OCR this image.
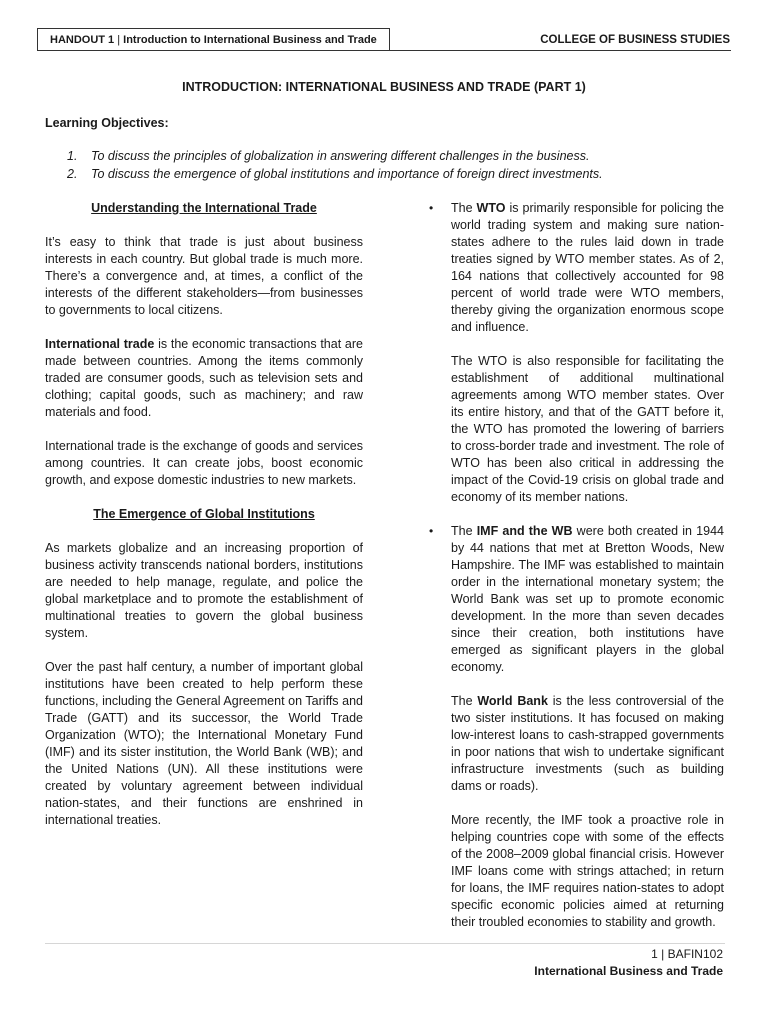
HANDOUT 1 | Introduction to International Business and Trade	COLLEGE OF BUSINESS STUDIES
INTRODUCTION: INTERNATIONAL BUSINESS AND TRADE (PART 1)
Learning Objectives:
1. To discuss the principles of globalization in answering different challenges in the business.
2. To discuss the emergence of global institutions and importance of foreign direct investments.
Understanding the International Trade

It’s easy to think that trade is just about business interests in each country. But global trade is much more. There’s a convergence and, at times, a conflict of the interests of the different stakeholders—from businesses to governments to local citizens.

International trade is the economic transactions that are made between countries. Among the items commonly traded are consumer goods, such as television sets and clothing; capital goods, such as machinery; and raw materials and food.

International trade is the exchange of goods and services among countries. It can create jobs, boost economic growth, and expose domestic industries to new markets.

The Emergence of Global Institutions

As markets globalize and an increasing proportion of business activity transcends national borders, institutions are needed to help manage, regulate, and police the global marketplace and to promote the establishment of multinational treaties to govern the global business system.

Over the past half century, a number of important global institutions have been created to help perform these functions, including the General Agreement on Tariffs and Trade (GATT) and its successor, the World Trade Organization (WTO); the International Monetary Fund (IMF) and its sister institution, the World Bank (WB); and the United Nations (UN). All these institutions were created by voluntary agreement between individual nation-states, and their functions are enshrined in international treaties.

• The WTO is primarily responsible for policing the world trading system and making sure nation-states adhere to the rules laid down in trade treaties signed by WTO member states. As of 2, 164 nations that collectively accounted for 98 percent of world trade were WTO members, thereby giving the organization enormous scope and influence.

The WTO is also responsible for facilitating the establishment of additional multinational agreements among WTO member states. Over its entire history, and that of the GATT before it, the WTO has promoted the lowering of barriers to cross-border trade and investment. The role of WTO has been also critical in addressing the impact of the Covid-19 crisis on global trade and economy of its member nations.

• The IMF and the WB were both created in 1944 by 44 nations that met at Bretton Woods, New Hampshire. The IMF was established to maintain order in the international monetary system; the World Bank was set up to promote economic development. In the more than seven decades since their creation, both institutions have emerged as significant players in the global economy.

The World Bank is the less controversial of the two sister institutions. It has focused on making low-interest loans to cash-strapped governments in poor nations that wish to undertake significant infrastructure investments (such as building dams or roads).

More recently, the IMF took a proactive role in helping countries cope with some of the effects of the 2008–2009 global financial crisis. However IMF loans come with strings attached; in return for loans, the IMF requires nation-states to adopt specific economic policies aimed at returning their troubled economies to stability and growth.

1 | BAFIN102
International Business and Trade
